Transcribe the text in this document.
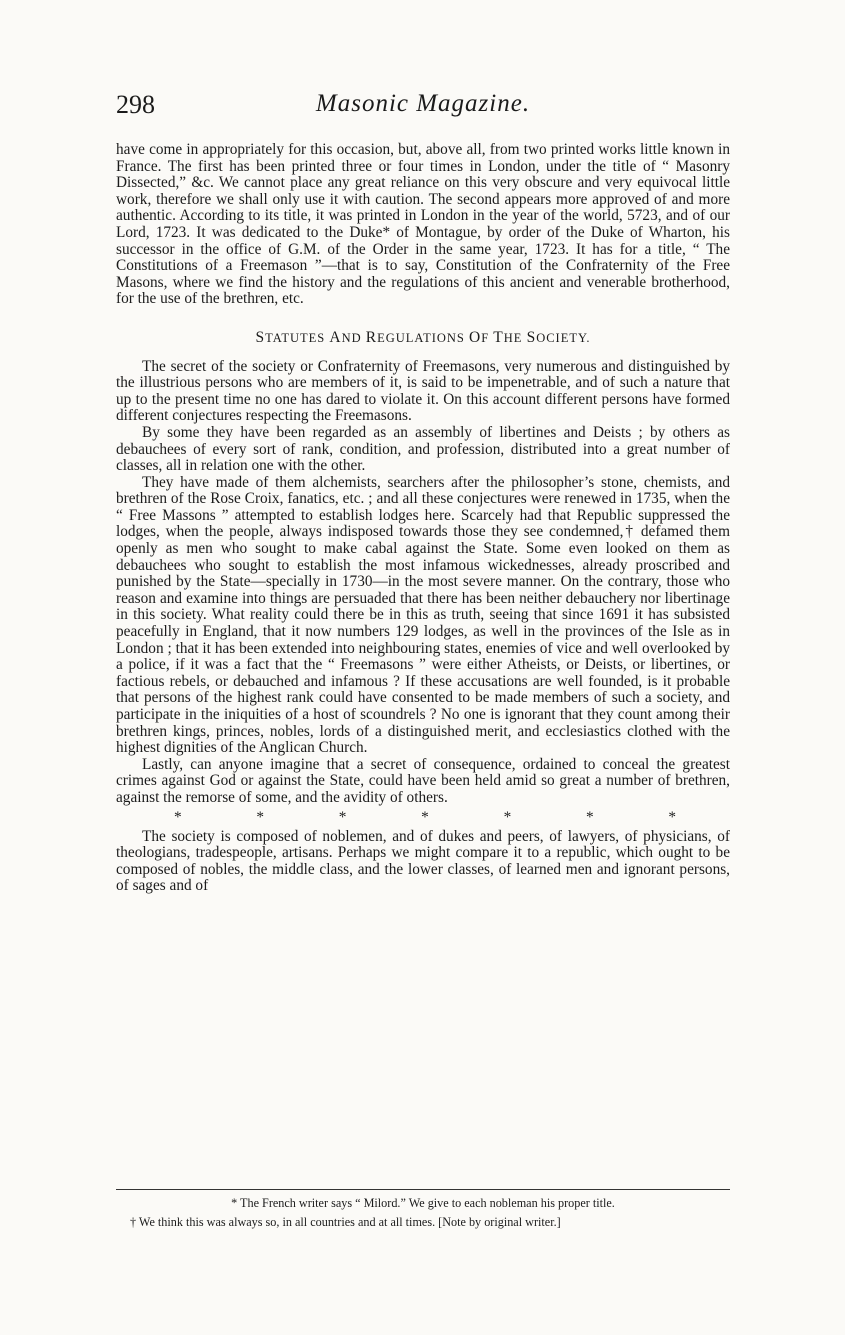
298	Masonic Magazine.

have come in appropriately for this occasion, but, above all, from two printed works little known in France. The first has been printed three or four times in London, under the title of “ Masonry Dissected,” &c. We cannot place any great reliance on this very obscure and very equivocal little work, therefore we shall only use it with caution. The second appears more approved of and more authentic. According to its title, it was printed in London in the year of the world, 5723, and of our Lord, 1723. It was dedicated to the Duke* of Montague, by order of the Duke of Wharton, his successor in the office of G.M. of the Order in the same year, 1723. It has for a title, “ The Constitutions of a Freemason ”—that is to say, Constitution of the Confraternity of the Free Masons, where we find the history and the regulations of this ancient and venerable brotherhood, for the use of the brethren, etc.

STATUTES AND REGULATIONS OF THE SOCIETY.

The secret of the society or Confraternity of Freemasons, very numerous and distinguished by the illustrious persons who are members of it, is said to be impenetrable, and of such a nature that up to the present time no one has dared to violate it. On this account different persons have formed different conjectures respecting the Freemasons.

By some they have been regarded as an assembly of libertines and Deists ; by others as debauchees of every sort of rank, condition, and profession, distributed into a great number of classes, all in relation one with the other.

They have made of them alchemists, searchers after the philosopher’s stone, chemists, and brethren of the Rose Croix, fanatics, etc. ; and all these conjectures were renewed in 1735, when the “ Free Massons ” attempted to establish lodges here. Scarcely had that Republic suppressed the lodges, when the people, always indisposed towards those they see condemned,† defamed them openly as men who sought to make cabal against the State. Some even looked on them as debauchees who sought to establish the most infamous wickednesses, already proscribed and punished by the State—specially in 1730—in the most severe manner. On the contrary, those who reason and examine into things are persuaded that there has been neither debauchery nor libertinage in this society. What reality could there be in this as truth, seeing that since 1691 it has subsisted peacefully in England, that it now numbers 129 lodges, as well in the provinces of the Isle as in London ; that it has been extended into neighbouring states, enemies of vice and well overlooked by a police, if it was a fact that the “ Freemasons ” were either Atheists, or Deists, or libertines, or factious rebels, or debauched and infamous ? If these accusations are well founded, is it probable that persons of the highest rank could have consented to be made members of such a society, and participate in the iniquities of a host of scoundrels ? No one is ignorant that they count among their brethren kings, princes, nobles, lords of a distinguished merit, and ecclesiastics clothed with the highest dignities of the Anglican Church.

Lastly, can anyone imagine that a secret of consequence, ordained to conceal the greatest crimes against God or against the State, could have been held amid so great a number of brethren, against the remorse of some, and the avidity of others.

*	*	*	*	*	*	*

The society is composed of noblemen, and of dukes and peers, of lawyers, of physicians, of theologians, tradespeople, artisans. Perhaps we might compare it to a republic, which ought to be composed of nobles, the middle class, and the lower classes, of learned men and ignorant persons, of sages and of

* The French writer says “ Milord.” We give to each nobleman his proper title.

† We think this was always so, in all countries and at all times. [Note by original writer.]
